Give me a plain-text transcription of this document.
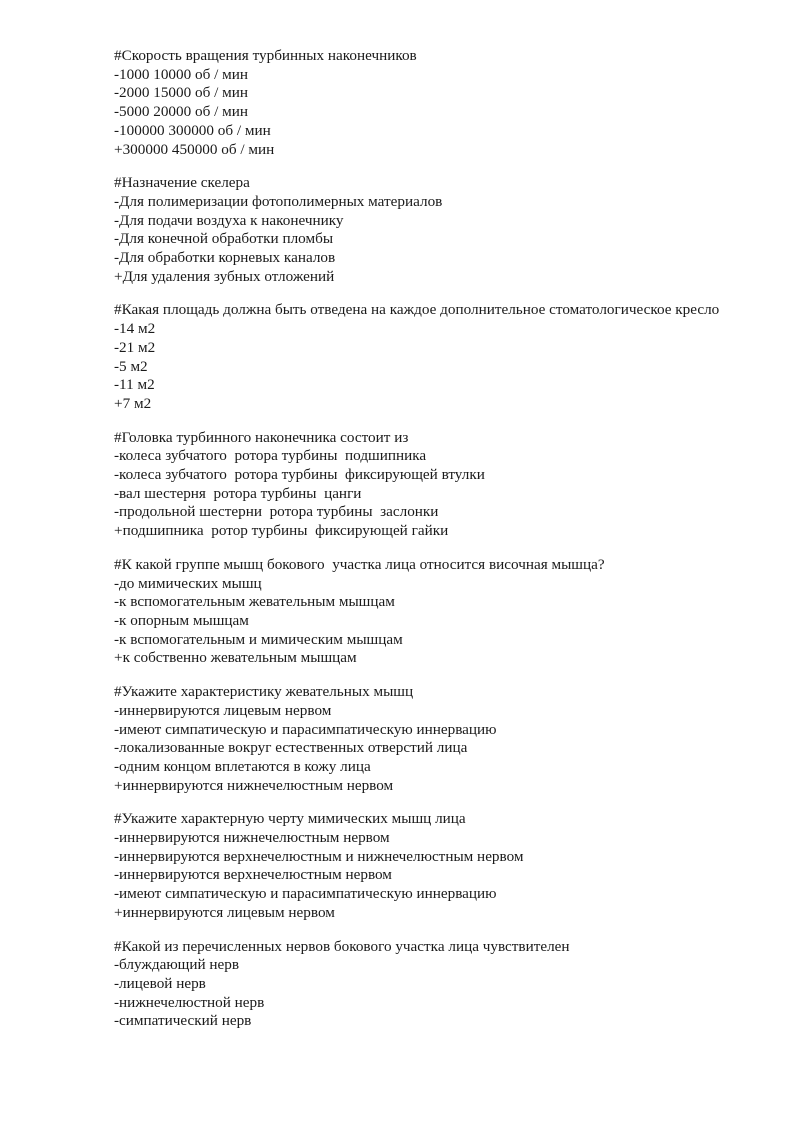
#Скорость вращения турбинных наконечников
-1000 10000 об / мин
-2000 15000 об / мин
-5000 20000 об / мин
-100000 300000 об / мин
+300000 450000 об / мин
#Назначение скелера
-Для полимеризации фотополимерных материалов
-Для подачи воздуха к наконечнику
-Для конечной обработки пломбы
-Для обработки корневых каналов
+Для удаления зубных отложений
#Какая площадь должна быть отведена на каждое дополнительное стоматологическое кресло
-14 м2
-21 м2
-5 м2
-11 м2
+7 м2
#Головка турбинного наконечника состоит из
-колеса зубчатого  ротора турбины  подшипника
-колеса зубчатого  ротора турбины  фиксирующей втулки
-вал шестерня  ротора турбины  цанги
-продольной шестерни  ротора турбины  заслонки
+подшипника  ротор турбины  фиксирующей гайки
#К какой группе мышц бокового  участка лица относится височная мышца?
-до мимических мышц
-к вспомогательным жевательным мышцам
-к опорным мышцам
-к вспомогательным и мимическим мышцам
+к собственно жевательным мышцам
#Укажите характеристику жевательных мышц
-иннервируются лицевым нервом
-имеют симпатическую и парасимпатическую иннервацию
-локализованные вокруг естественных отверстий лица
-одним концом вплетаются в кожу лица
+иннервируются нижнечелюстным нервом
#Укажите характерную черту мимических мышц лица
-иннервируются нижнечелюстным нервом
-иннервируются верхнечелюстным и нижнечелюстным нервом
-иннервируются верхнечелюстным нервом
-имеют симпатическую и парасимпатическую иннервацию
+иннервируются лицевым нервом
#Какой из перечисленных нервов бокового участка лица чувствителен
-блуждающий нерв
-лицевой нерв
-нижнечелюстной нерв
-симпатический нерв
